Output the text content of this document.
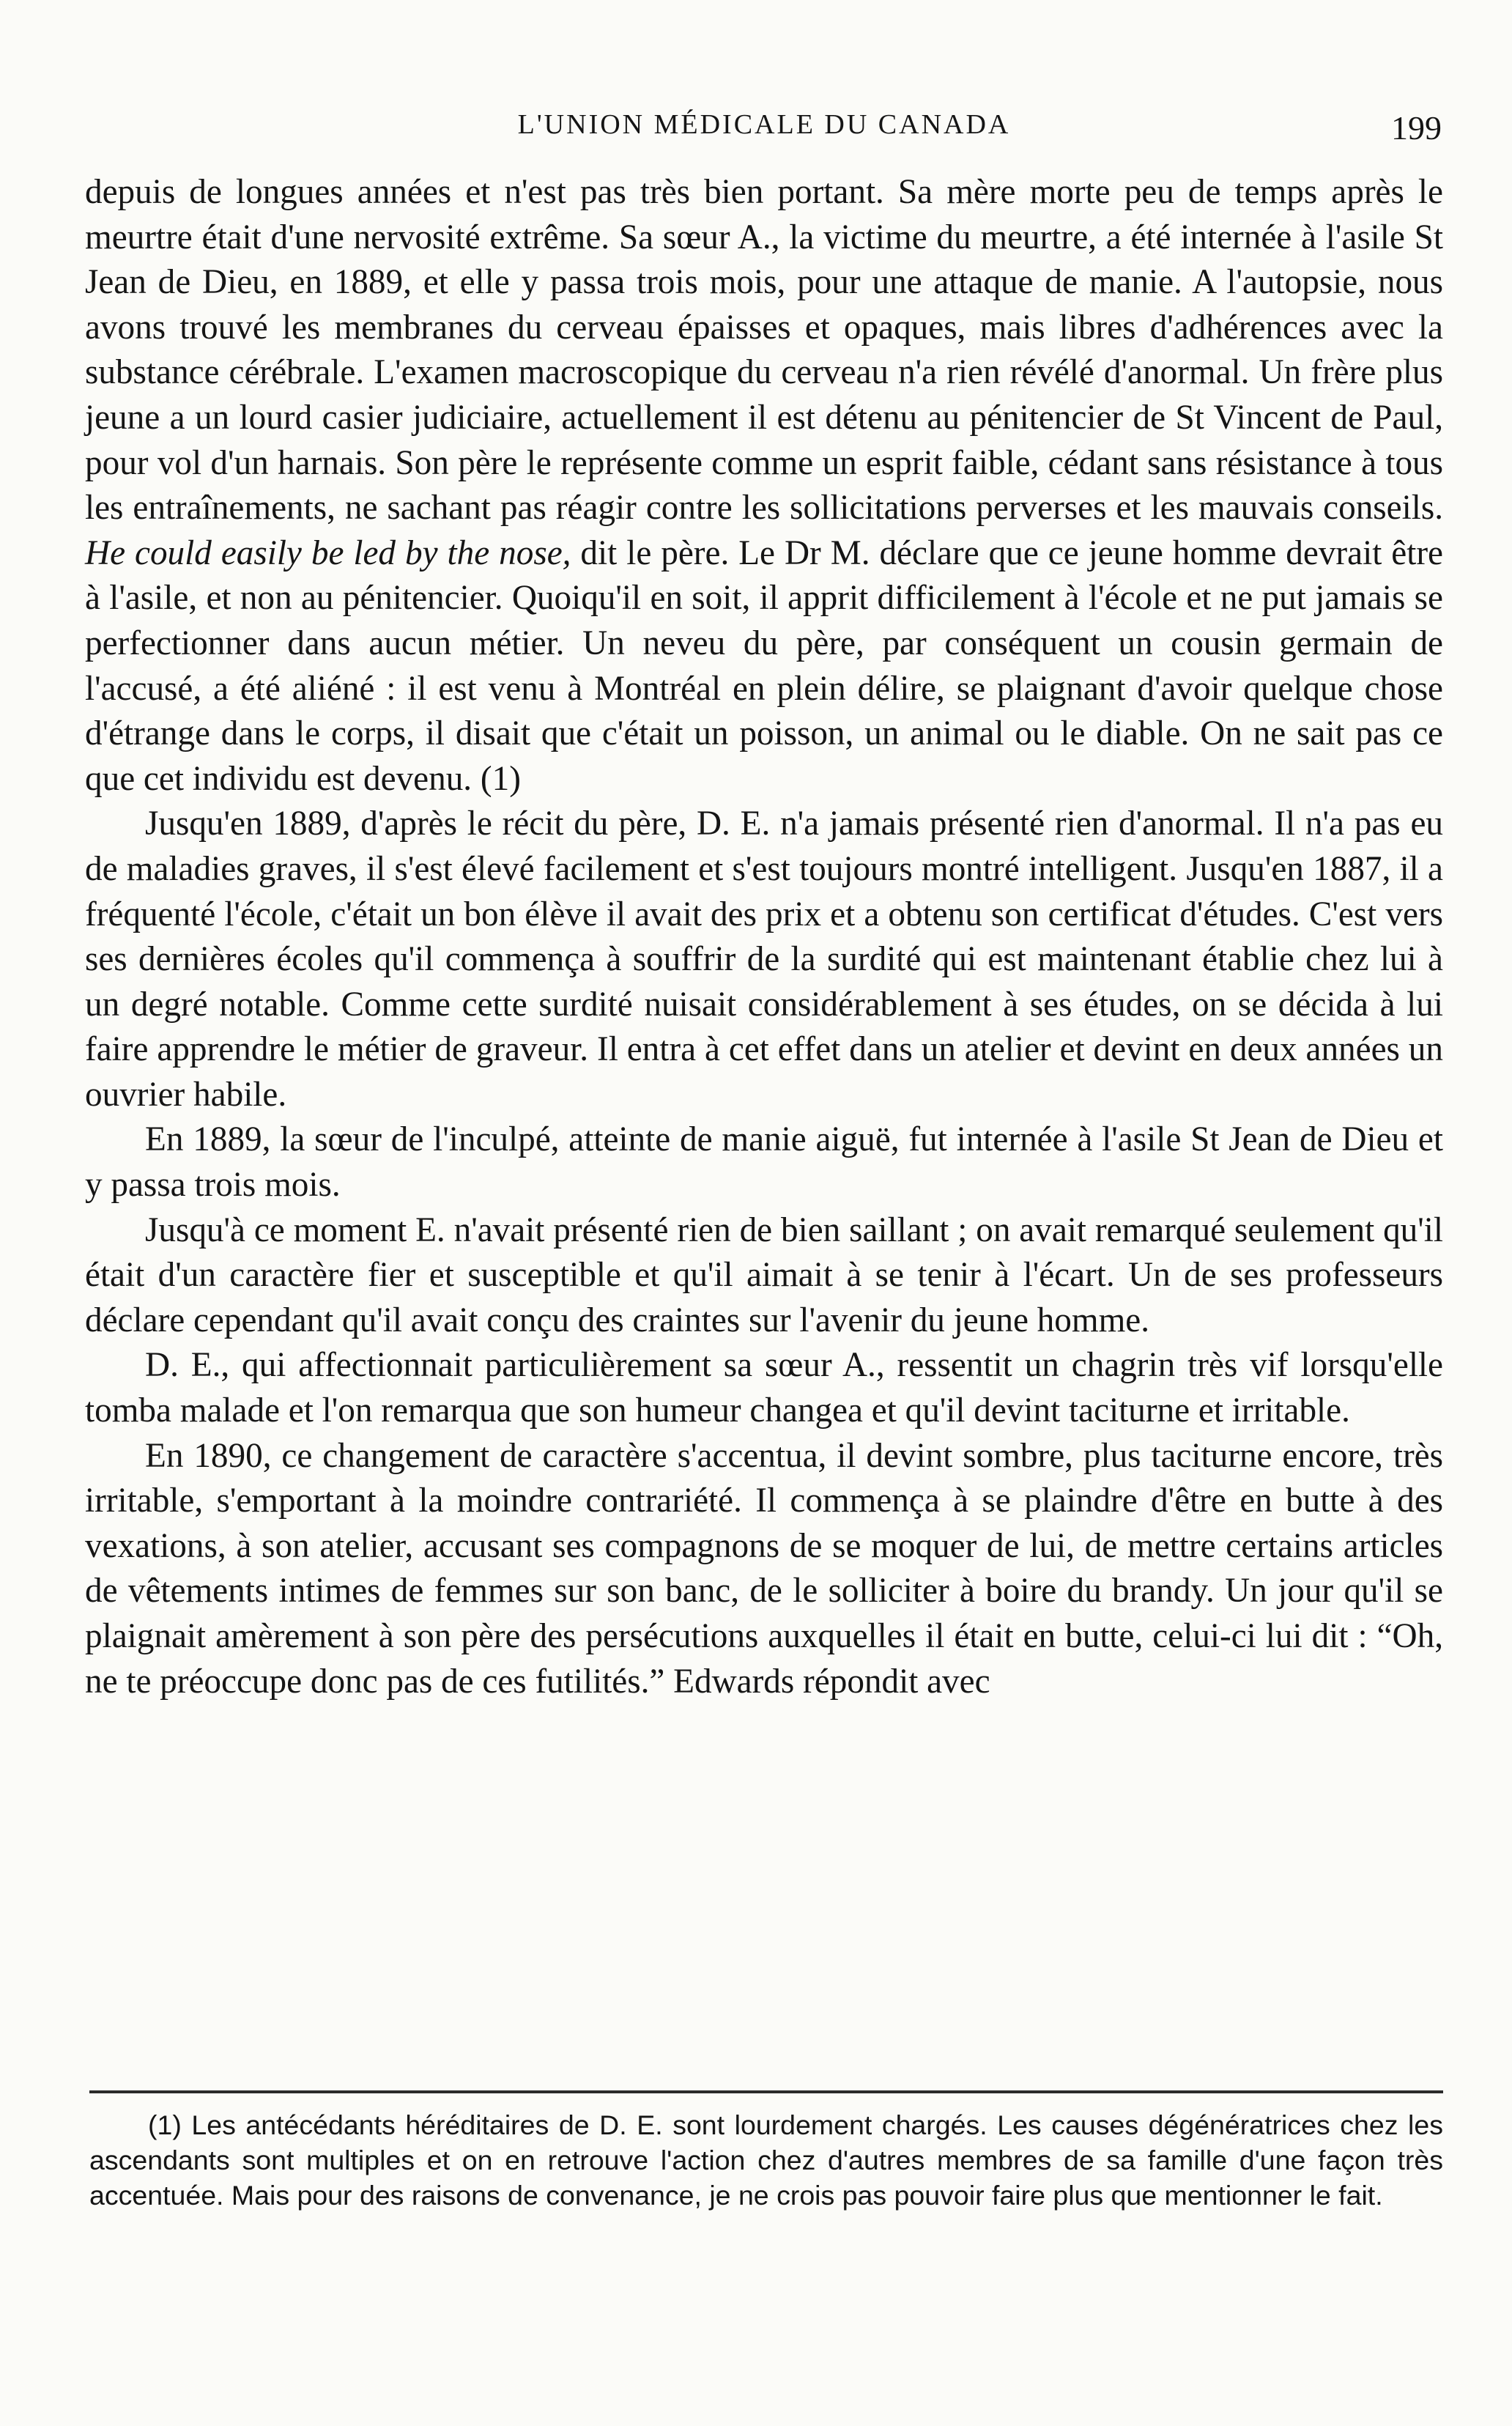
L'UNION MÉDICALE DU CANADA	199

depuis de longues années et n'est pas très bien portant. Sa mère morte peu de temps après le meurtre était d'une nervosité extrême. Sa sœur A., la victime du meurtre, a été internée à l'asile St Jean de Dieu, en 1889, et elle y passa trois mois, pour une attaque de manie. A l'autopsie, nous avons trouvé les membranes du cerveau épaisses et opaques, mais libres d'adhérences avec la substance cérébrale. L'examen macroscopique du cerveau n'a rien révélé d'anormal. Un frère plus jeune a un lourd casier judiciaire, actuellement il est détenu au pénitencier de St Vincent de Paul, pour vol d'un harnais. Son père le représente comme un esprit faible, cédant sans résistance à tous les entraînements, ne sachant pas réagir contre les sollicitations perverses et les mauvais conseils. He could easily be led by the nose, dit le père. Le Dr M. déclare que ce jeune homme devrait être à l'asile, et non au pénitencier. Quoiqu'il en soit, il apprit difficilement à l'école et ne put jamais se perfectionner dans aucun métier. Un neveu du père, par conséquent un cousin germain de l'accusé, a été aliéné : il est venu à Montréal en plein délire, se plaignant d'avoir quelque chose d'étrange dans le corps, il disait que c'était un poisson, un animal ou le diable. On ne sait pas ce que cet individu est devenu. (1)

Jusqu'en 1889, d'après le récit du père, D. E. n'a jamais présenté rien d'anormal. Il n'a pas eu de maladies graves, il s'est élevé facilement et s'est toujours montré intelligent. Jusqu'en 1887, il a fréquenté l'école, c'était un bon élève il avait des prix et a obtenu son certificat d'études. C'est vers ses dernières écoles qu'il commença à souffrir de la surdité qui est maintenant établie chez lui à un degré notable. Comme cette surdité nuisait considérablement à ses études, on se décida à lui faire apprendre le métier de graveur. Il entra à cet effet dans un atelier et devint en deux années un ouvrier habile.

En 1889, la sœur de l'inculpé, atteinte de manie aiguë, fut internée à l'asile St Jean de Dieu et y passa trois mois.

Jusqu'à ce moment E. n'avait présenté rien de bien saillant ; on avait remarqué seulement qu'il était d'un caractère fier et susceptible et qu'il aimait à se tenir à l'écart. Un de ses professeurs déclare cependant qu'il avait conçu des craintes sur l'avenir du jeune homme.

D. E., qui affectionnait particulièrement sa sœur A., ressentit un chagrin très vif lorsqu'elle tomba malade et l'on remarqua que son humeur changea et qu'il devint taciturne et irritable.

En 1890, ce changement de caractère s'accentua, il devint sombre, plus taciturne encore, très irritable, s'emportant à la moindre contrariété. Il commença à se plaindre d'être en butte à des vexations, à son atelier, accusant ses compagnons de se moquer de lui, de mettre certains articles de vêtements intimes de femmes sur son banc, de le solliciter à boire du brandy. Un jour qu'il se plaignait amèrement à son père des persécutions auxquelles il était en butte, celui-ci lui dit : “Oh, ne te préoccupe donc pas de ces futilités.” Edwards répondit avec

(1) Les antécédants héréditaires de D. E. sont lourdement chargés. Les causes dégénératrices chez les ascendants sont multiples et on en retrouve l'action chez d'autres membres de sa famille d'une façon très accentuée. Mais pour des raisons de convenance, je ne crois pas pouvoir faire plus que mentionner le fait.
